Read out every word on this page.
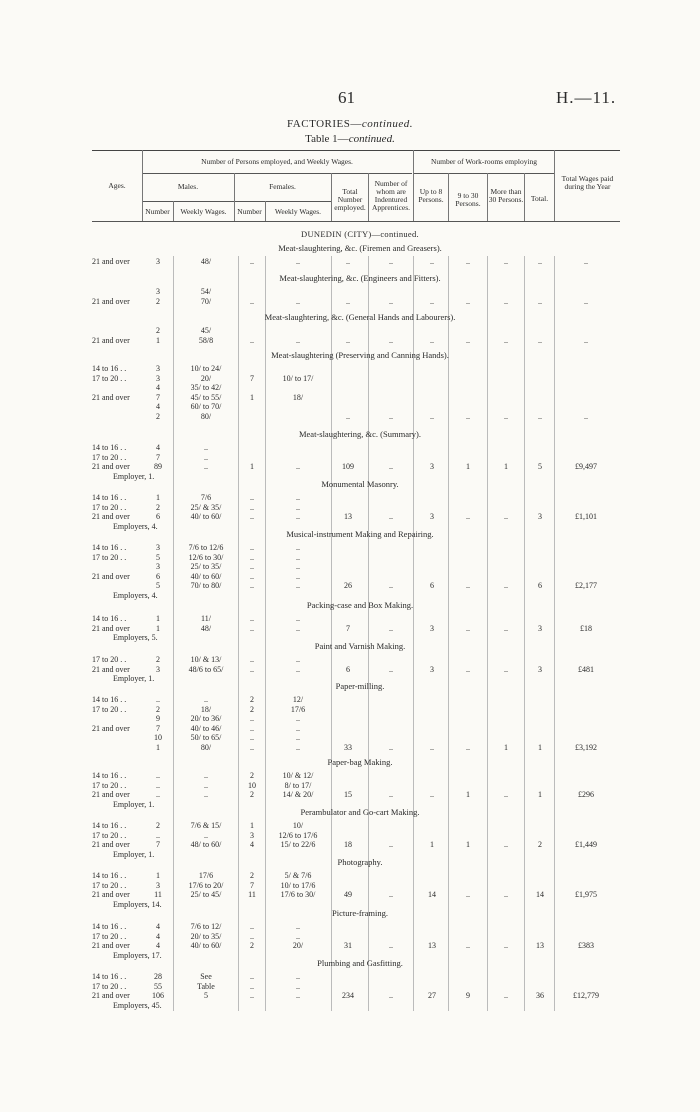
61	H.—11.
FACTORIES—continued.
Table 1—continued.
Ages.
Number of Persons employed, and Weekly Wages.	Number of Work-rooms employing
Males.	Females.
Number	Weekly Wages.	Number	Weekly Wages.
Total Number employed.
Number of whom are Indentured Apprentices.
Up to 8 Persons.	9 to 30 Persons.
More than 30 Persons.	Total.
Total Wages paid during the Year
DUNEDIN (CITY)—continued.
Meat-slaughtering, &c. (Firemen and Greasers).
21 and over	3	48/	..	..	..	..	..	..	..	..	..
Meat-slaughtering, &c. (Engineers and Fitters).
3	54/
21 and over	2	70/	..	..	..	..	..	..	..	..	..
Meat-slaughtering, &c. (General Hands and Labourers).
2	45/
21 and over	1	58/8	..	..	..	..	..	..	..	..	..
Meat-slaughtering (Preserving and Canning Hands).
14 to 16 . .	3	10/ to 24/
17 to 20 . .	3	20/	7	10/ to 17/
4	35/ to 42/
21 and over	7	45/ to 55/	1	18/
4	60/ to 70/
2	80/	..	..	..	..	..	..	..
Meat-slaughtering, &c. (Summary).
14 to 16 . .	4	..
17 to 20 . .	7	..
21 and over	89	..	1	..	109	..	3	1	1	5	£9,497
Employer, 1.
Monumental Masonry.
14 to 16 . .	1	7/6	..	..
17 to 20 . .	2	25/ & 35/	..	..
21 and over	6	40/ to 60/	..	..	13	..	3	..	..	3	£1,101
Employers, 4.
Musical-instrument Making and Repairing.
14 to 16 . .	3	7/6 to 12/6	..	..
17 to 20 . .	5	12/6 to 30/	..	..
3	25/ to 35/	..	..
21 and over	6	40/ to 60/	..	..
5	70/ to 80/	..	..	26	..	6	..	..	6	£2,177
Employers, 4.
Packing-case and Box Making.
14 to 16 . .	1	11/	..	..
21 and over	1	48/	..	..	7	..	3	..	..	3	£18
Employers, 5.
Paint and Varnish Making.
17 to 20 . .	2	10/ & 13/	..	..
21 and over	3	48/6 to 65/	..	..	6	..	3	..	..	3	£481
Employer, 1.
Paper-milling.
14 to 16 . .	..	..	2	12/
17 to 20 . .	2	18/	2	17/6
9	20/ to 36/	..	..
21 and over	7	40/ to 46/	..	..
10	50/ to 65/	..	..
1	80/	..	..	33	..	..	..	1	1	£3,192
Paper-bag Making.
14 to 16 . .	..	..	2	10/ & 12/
17 to 20 . .	..	..	10	8/ to 17/
21 and over	..	..	2	14/ & 20/	15	..	..	1	..	1	£296
Employer, 1.
Perambulator and Go-cart Making.
14 to 16 . .	2	7/6 & 15/	1	10/
17 to 20 . .	..	..	3	12/6 to 17/6
21 and over	7	48/ to 60/	4	15/ to 22/6	18	..	1	1	..	2	£1,449
Employer, 1.
Photography.
14 to 16 . .	1	17/6	2	5/ & 7/6
17 to 20 . .	3	17/6 to 20/	7	10/ to 17/6
21 and over	11	25/ to 45/	11	17/6 to 30/	49	..	14	..	..	14	£1,975
Employers, 14.
Picture-framing.
14 to 16 . .	4	7/6 to 12/	..	..
17 to 20 . .	4	20/ to 35/	..	..
21 and over	4	40/ to 60/	2	20/	31	..	13	..	..	13	£383
Employers, 17.
Plumbing and Gasfitting.
14 to 16 . .	28	See	..	..
17 to 20 . .	55	Table	..	..
21 and over	106	5	..	..	234	..	27	9	..	36	£12,779
Employers, 45.
